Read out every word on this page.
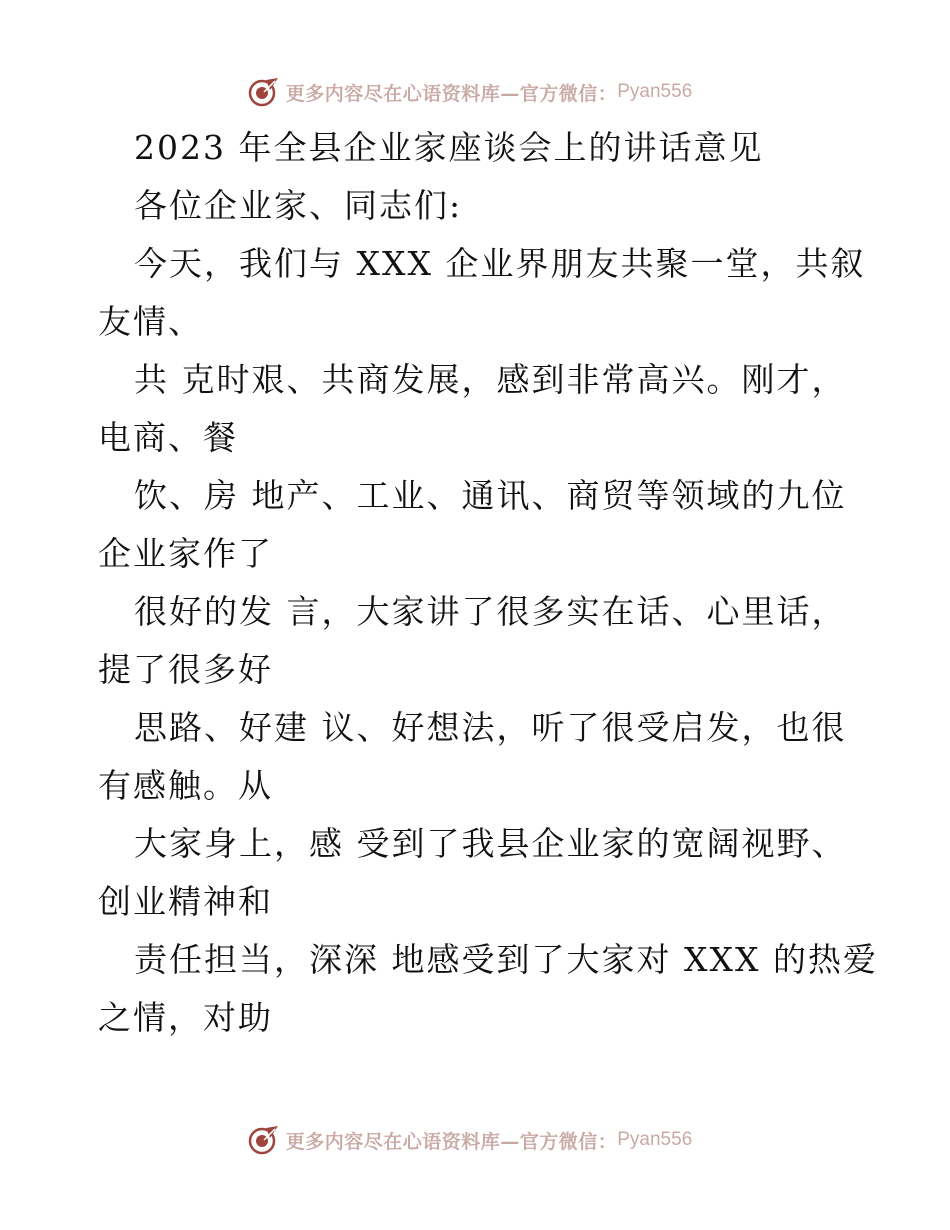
更多内容尽在心语资料库—官方微信： Pyan556
2023 年全县企业家座谈会上的讲话意见
各位企业家、同志们:
今天，我们与 XXX 企业界朋友共聚一堂，共叙
友情、
共 克时艰、共商发展，感到非常高兴。刚才，
电商、餐
饮、房 地产、工业、通讯、商贸等领域的九位
企业家作了
很好的发 言，大家讲了很多实在话、心里话，
提了很多好
思路、好建 议、好想法，听了很受启发，也很
有感触。从
大家身上，感 受到了我县企业家的宽阔视野、
创业精神和
责任担当，深深 地感受到了大家对 XXX 的热爱
之情，对助
更多内容尽在心语资料库—官方微信： Pyan556
